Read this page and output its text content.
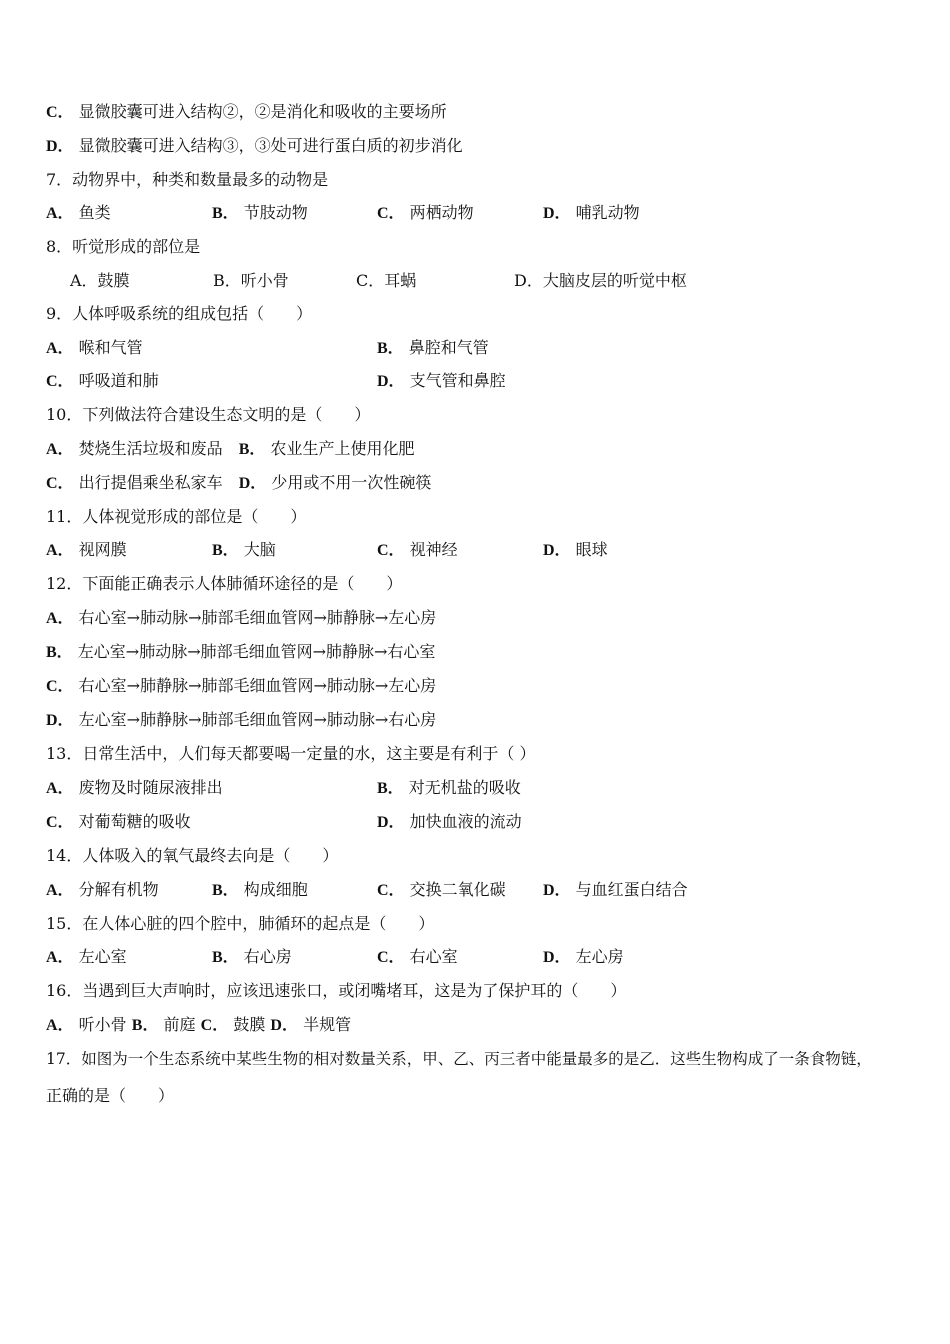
C． 显微胶囊可进入结构②，②是消化和吸收的主要场所
D． 显微胶囊可进入结构③，③处可进行蛋白质的初步消化
7．动物界中，种类和数量最多的动物是
A． 鱼类	B． 节肢动物	C． 两栖动物	D． 哺乳动物
8．听觉形成的部位是
A．鼓膜	B．听小骨	C．耳蜗	D．大脑皮层的听觉中枢
9．人体呼吸系统的组成包括（　　）
A． 喉和气管	B． 鼻腔和气管
C． 呼吸道和肺	D． 支气管和鼻腔
10．下列做法符合建设生态文明的是（　　）
A． 焚烧生活垃圾和废品　 B． 农业生产上使用化肥
C． 出行提倡乘坐私家车　 D． 少用或不用一次性碗筷
11．人体视觉形成的部位是（　　）
A． 视网膜	B． 大脑	C． 视神经	D． 眼球
12．下面能正确表示人体肺循环途径的是（　　）
A． 右心室→肺动脉→肺部毛细血管网→肺静脉→左心房
B． 左心室→肺动脉→肺部毛细血管网→肺静脉→右心室
C． 右心室→肺静脉→肺部毛细血管网→肺动脉→左心房
D． 左心室→肺静脉→肺部毛细血管网→肺动脉→右心房
13．日常生活中，人们每天都要喝一定量的水，这主要是有利于（ ）
A． 废物及时随尿液排出	B． 对无机盐的吸收
C． 对葡萄糖的吸收	D． 加快血液的流动
14．人体吸入的氧气最终去向是（　　）
A． 分解有机物	B． 构成细胞	C． 交换二氧化碳 D． 与血红蛋白结合
15．在人体心脏的四个腔中，肺循环的起点是（　　）
A． 左心室	B． 右心房	C． 右心室	D． 左心房
16．当遇到巨大声响时，应该迅速张口，或闭嘴堵耳，这是为了保护耳的（　　）
A． 听小骨 B． 前庭 C． 鼓膜 D． 半规管
17．如图为一个生态系统中某些生物的相对数量关系，甲、乙、丙三者中能量最多的是乙．这些生物构成了一条食物链，
正确的是（　　）
